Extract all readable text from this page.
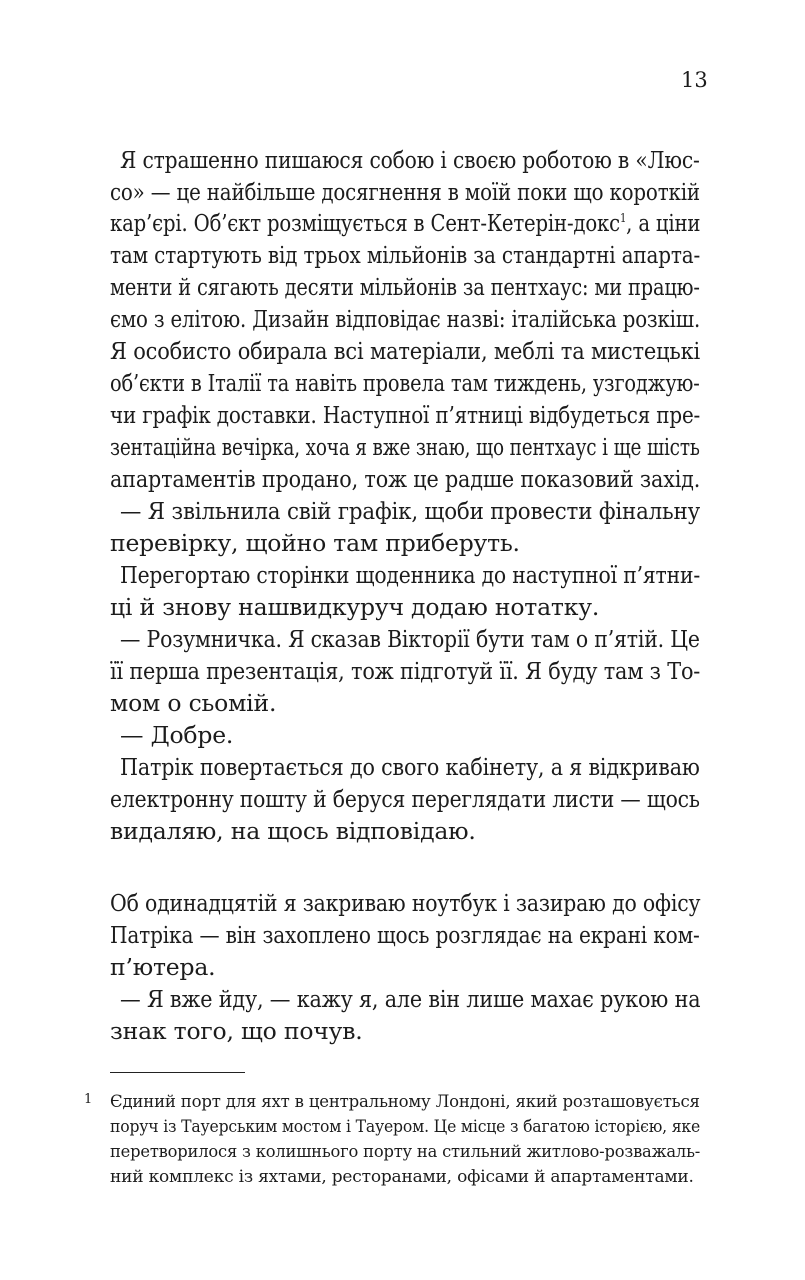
13
Я страшенно пишаюся собою і своєю роботою в «Люс-
со» — це найбільше досягнення в моїй поки що короткій
кар’єрі. Об’єкт розміщується в Сент-Кетерін-докс$^1$, а ціни
там стартують від трьох мільйонів за стандартні апарта-
менти й сягають десяти мільйонів за пентхаус: ми працю-
ємо з елітою. Дизайн відповідає назві: італійська розкіш.
Я особисто обирала всі матеріали, меблі та мистецькі
об’єкти в Італії та навіть провела там тиждень, узгоджую-
чи графік доставки. Наступної п’ятниці відбудеться пре-
зентаційна вечірка, хоча я вже знаю, що пентхаус і ще шість
апартаментів продано, тож це радше показовий захід.
— Я звільнила свій графік, щоби провести фінальну
перевірку, щойно там приберуть.
Перегортаю сторінки щоденника до наступної п’ятни-
ці й знову нашвидкуруч додаю нотатку.
— Розумничка. Я сказав Вікторії бути там о п’ятій. Це
її перша презентація, тож підготуй її. Я буду там з То-
мом о сьомій.
— Добре.
Патрік повертається до свого кабінету, а я відкриваю
електронну пошту й беруся переглядати листи — щось
видаляю, на щось відповідаю.
Об одинадцятій я закриваю ноутбук і зазираю до офісу
Патріка — він захоплено щось розглядає на екрані ком-
п’ютера.
— Я вже йду, — кажу я, але він лише махає рукою на
знак того, що почув.
1 Єдиний порт для яхт в центральному Лондоні, який розташовується
поруч із Тауерським мостом і Тауером. Це місце з багатою історією, яке
перетворилося з колишнього порту на стильний житлово-розважаль-
ний комплекс із яхтами, ресторанами, офісами й апартаментами.
